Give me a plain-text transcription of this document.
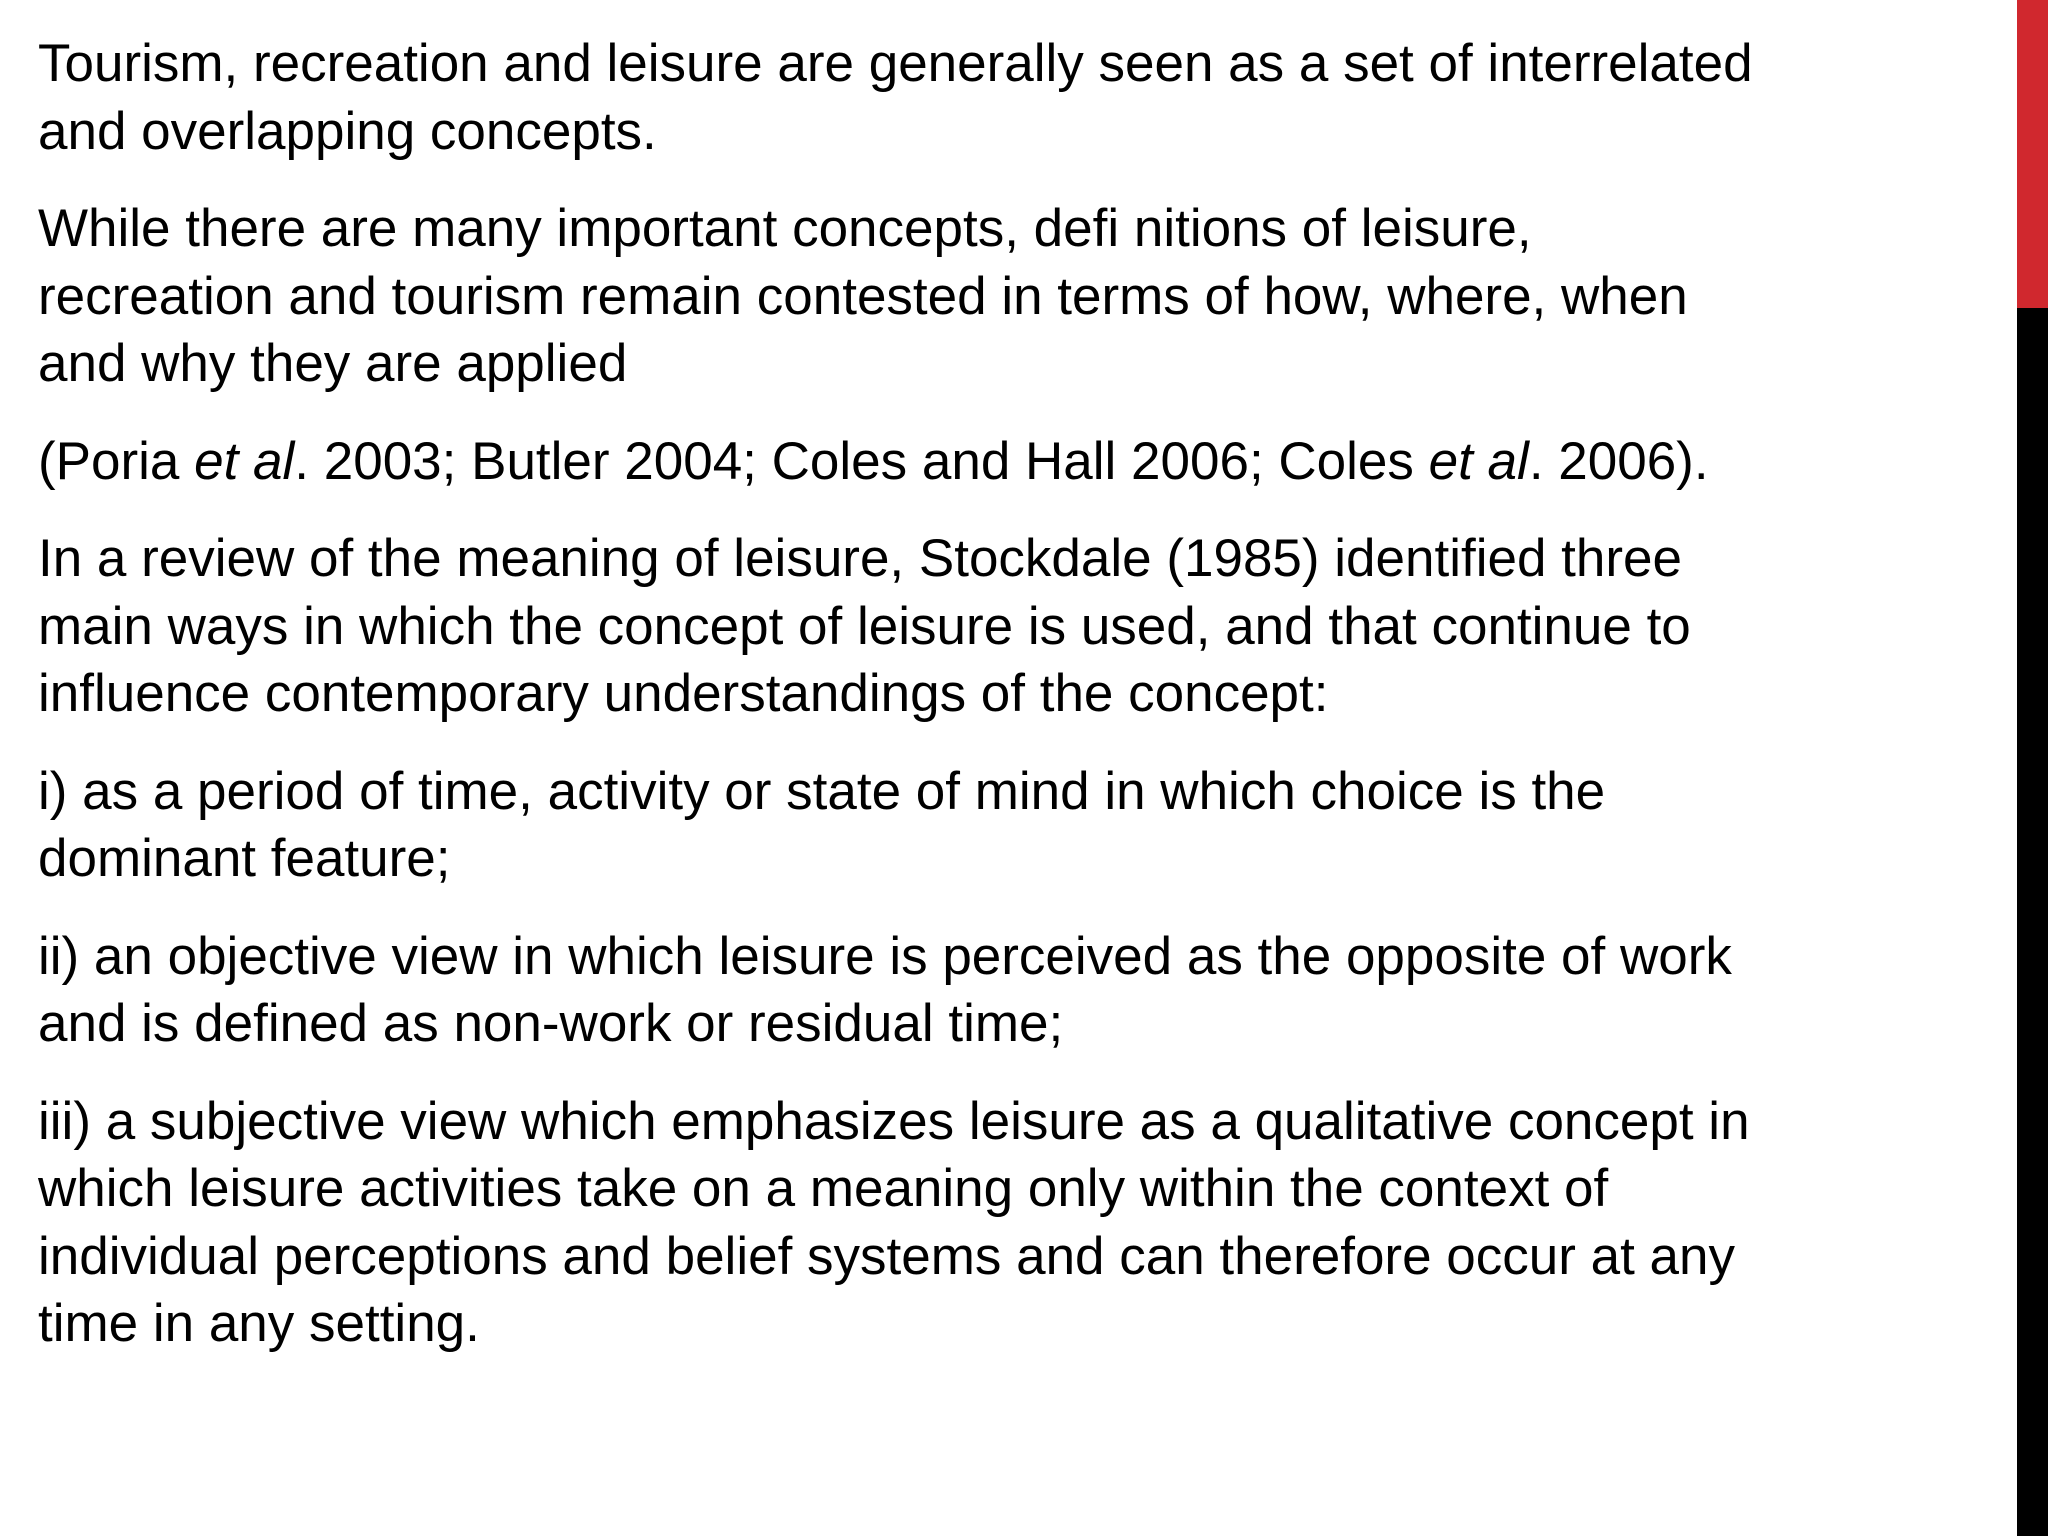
Tourism, recreation and leisure are generally seen as a set of interrelated
and overlapping concepts.

While there are many important concepts, defi nitions of leisure,
recreation and tourism remain contested in terms of how, where, when
and why they are applied

(Poria et al. 2003; Butler 2004; Coles and Hall 2006; Coles et al. 2006).

In a review of the meaning of leisure, Stockdale (1985) identified three
main ways in which the concept of leisure is used, and that continue to
influence contemporary understandings of the concept:

i) as a period of time, activity or state of mind in which choice is the
dominant feature;

ii) an objective view in which leisure is perceived as the opposite of work
and is defined as non-work or residual time;

iii) a subjective view which emphasizes leisure as a qualitative concept in
which leisure activities take on a meaning only within the context of
individual perceptions and belief systems and can therefore occur at any
time in any setting.
